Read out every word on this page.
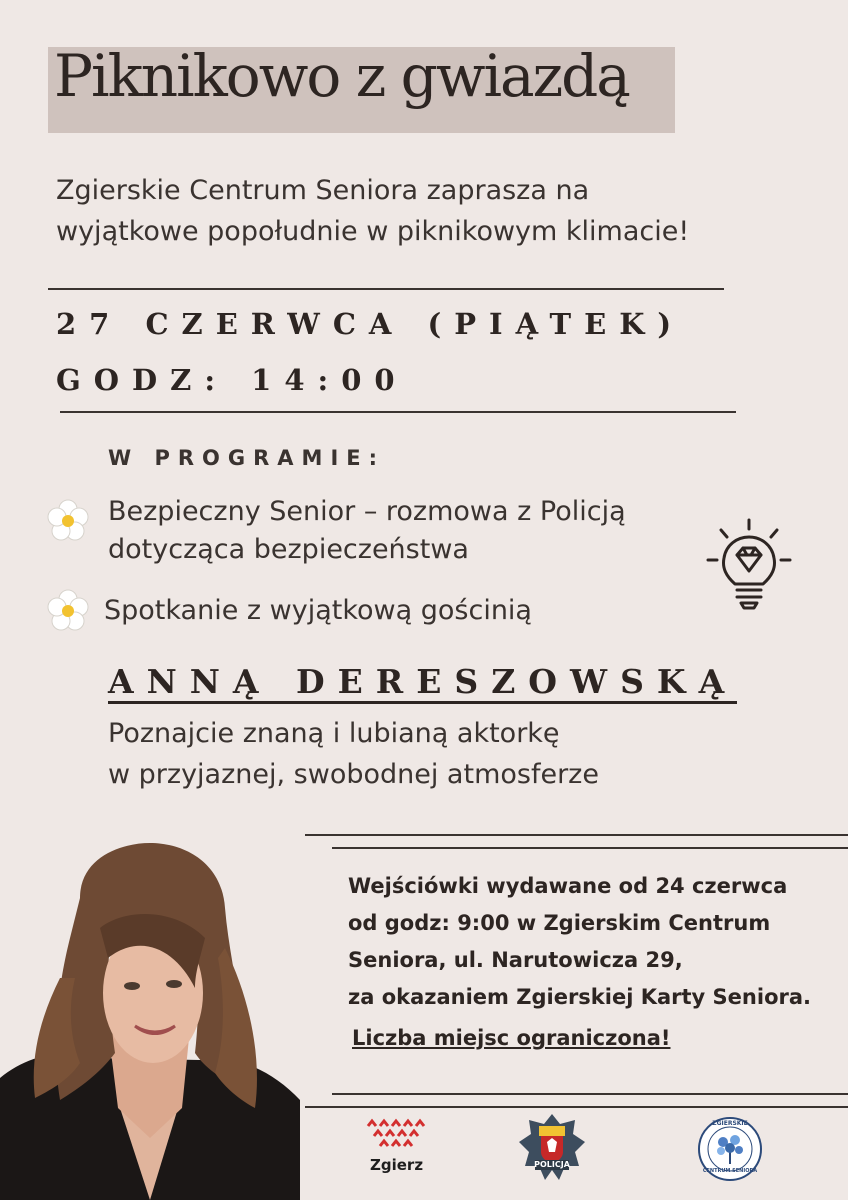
Piknikowo z gwiazdą
Zgierskie Centrum Seniora zaprasza na
wyjątkowe popołudnie w piknikowym klimacie!
27 CZERWCA (PIĄTEK)
GODZ: 14:00
W PROGRAMIE:
Bezpieczny Senior – rozmowa z Policją
dotycząca bezpieczeństwa
Spotkanie z wyjątkową gościnią
ANNĄ DERESZOWSKĄ
Poznajcie znaną i lubianą aktorkę
w przyjaznej, swobodnej atmosferze
Wejściówki wydawane od 24 czerwca
od godz: 9:00 w Zgierskim Centrum
Seniora, ul. Narutowicza 29,
za okazaniem Zgierskiej Karty Seniora.
Liczba miejsc ograniczona!
Zgierz	POLICJA
ZGIERSKIE
CENTRUM SENIORA
